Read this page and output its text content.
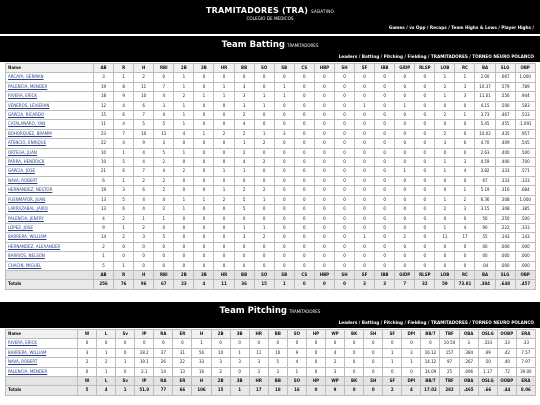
TRAMITADORES (TRA) SABATINO
COLEGIO DE MEDICOS
Games / vs Opp / Recaps / Team Highs & Lows / Player Highs /
Team Batting TRAMITADORES
Leaders / Batting / Pitching / Fielding / TRAMITADORES / TORNEO NEURO POLANCO
Name	AB	R	H	RBI	2B	3B	HR	BB	SO	SB	CS	HBP	SH	SF	IBB	GIDP	RLSP	LOB	RC	BA	SLG	OBP	
ARCAYA, GERMAN	3	1	2	0	1	0	0	0	0	0	0	0	0	0	0	0	0	1	1	2.00	.667	1.000	
PALENCIA, MENDER	19	8	11	7	1	0	1	3	0	1	0	0	0	0	0	0	0	2	3	10.37	.579	.789	
RIVERA, ERICK	18	9	10	4	2	1	1	3	1	1	0	0	0	0	0	0	0	1	3	11.01	.556	.944	
VENEROS, LEVIERAN	12	4	6	3	1	0	0	3	1	0	0	0	0	1	0	1	0	0	0	4.15	.500	.583	
GARCIA, RICARDO	15	6	7	4	1	0	0	2	0	0	0	0	0	0	0	0	0	2	1	3.73	.467	.533	
CATALANARO, YAN	11	4	5	5	1	0	0	4	0	0	0	0	0	0	0	0	0	0	0	5.45	.455	.1.091	
BOHORQUEZ, BRAMM	23	7	10	11	4	1	2	2	1	3	0	0	0	0	0	0	0	2	0	10.02	.435	.957	
ATENCIO, ENRIQUE	22	4	9	3	0	0	0	1	2	0	0	0	0	0	0	0	0	3	6	4.70	.409	.545	
ORTEGA, JUAN	10	1	4	5	1	0	0	2	0	0	0	0	0	0	0	0	0	0	0	2.63	.400	.500	
PARRA, HENDRICK	10	5	4	2	0	0	0	4	2	0	0	0	0	0	0	0	0	1	3	4.59	.400	.700	
GARCIA, JOSE	21	6	7	4	2	0	1	1	0	0	0	0	0	0	0	1	0	1	4	3.82	.333	.571	
NAVA, ROBERT	6	1	2	2	0	0	0	0	0	0	0	0	0	0	0	0	0	0	0	67	.333	.333	
HERNANDEZ, NESTOR	19	3	6	2	0	0	1	2	2	0	0	0	0	0	0	0	0	0	1	5.19	.316	.684	
FUENMAYOR, JUAN	13	5	4	4	1	1	2	5	1	0	0	0	0	0	0	0	0	1	2	6.36	.308	1.000	
LARRAZABAL, JAIRO	13	6	4	2	1	0	0	5	0	0	0	0	0	0	0	0	0	2	3	3.15	.308	.385	
PALENCIA, JENFRY	4	2	1	1	0	0	0	0	0	0	0	0	0	0	0	0	0	0	0	50	.250	.500	
LOPEZ, JOSE	9	1	2	0	0	0	0	1	1	0	0	0	0	0	0	0	0	1	4	90	.222	.333	
BARRERA, WILLIAM	14	2	3	5	0	0	0	3	2	0	0	0	0	1	0	2	0	11	17	55	.143	.143	
HERNANDEZ, ALEXANDER	2	0	0	0	0	0	0	0	0	0	0	0	0	0	0	0	0	0	0	00	.000	.000	
BARRIOS, NELSON	1	0	0	0	0	0	0	0	0	0	0	0	0	0	0	0	0	0	0	00	.000	.000	
CHACIN, MIGUEL	5	1	0	0	0	0	0	0	0	0	0	0	0	0	0	0	0	0	0	.04	.000	.000	
	AB	R	H	RBI	2B	3B	HR	BB	SO	SB	CS	HBP	SH	SF	IBB	GIDP	RLSP	LOB	RC	BA	SLG	OBP	
Totals	256	76	96	67	23	4	11	36	15	1	0	0	0	3	3	7	32	59	73.81	.384	.648	.457	
Team Pitching TRAMITADORES
Leaders / Batting / Pitching / Fielding / TRAMITADORES / TORNEO NEURO POLANCO
Name	W	L	Sv	IP	RA	ER	H	2B	3B	HR	BB	SO	HP	WP	BK	SH	SF	DPI	BB/7	TBF	OBA	OSLG	OOBP	ERA	
RIVERA, ERICK	0	0	0	0	6	0	1	0	0	0	0	0	0	0	0	0	0	0	0	10.50	3	.333	.33	.33	
BARRERA, WILLIAM	3	1	0	28.2	37	31	56	10	1	11	10	9	0	4	0	0	1	3	16.12	157	.384	.69	.42	7.57	
NAVA, ROBERT	2	2	1	19.1	26	22	33	3	3	3	5	4	0	2	0	0	1	1	14.12	97	.267	.50	.40	7.97	
PALENCIA, MENDER	0	1	0	2.1	14	13	16	2	0	3	3	1	0	3	0	0	0	0	34.09	25	.696	1.17	.72	39.00	
	W	L	Sv	IP	RA	ER	H	2B	3B	HR	BB	SO	HP	WP	BK	SH	SF	DPI	BB/7	TBF	OBA	OSLG	OOBP	ERA	
Totals	5	4	1	51.0	77	66	106	15	1	17	18	16	0	9	0	0	2	4	17.02	282	.465	.66	.44	8.06	
